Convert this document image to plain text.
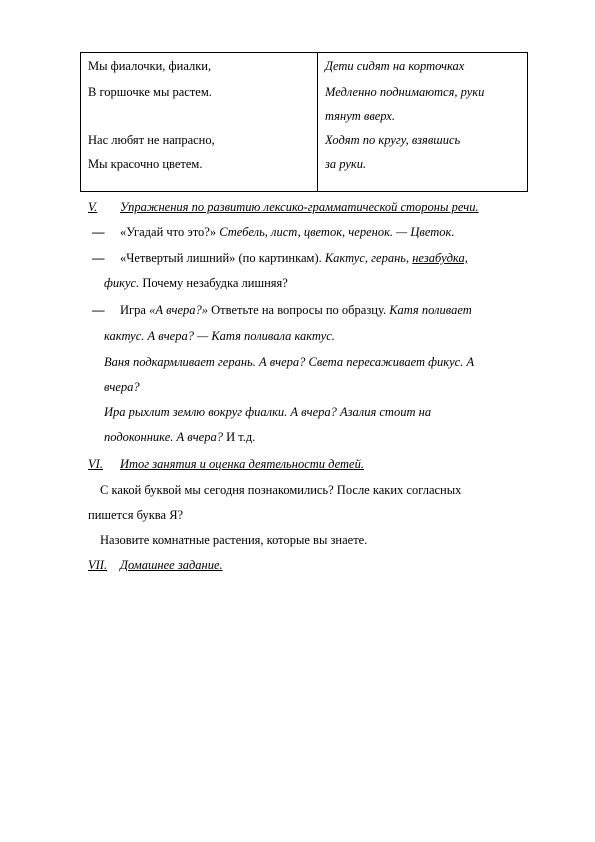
Мы фиалочки, фиалки,
В горшочке мы растем.
Нас любят не напрасно,
Мы красочно цветем.
Дети сидят на корточках
Медленно поднимаются, руки
тянут вверх.
Ходят по кругу, взявшись
за руки.
V. Упражнения по развитию лексико-грамматической стороны речи.
— «Угадай что это?» Стебель, лист, цветок, черенок. — Цветок.
— «Четвертый лишний» (по картинкам). Кактус, герань, незабудка,
фикус. Почему незабудка лишняя?
— Игра «А вчера?» Ответьте на вопросы по образцу. Катя поливает
кактус. А вчера? — Катя поливала кактус.
Ваня подкармливает герань. А вчера? Света пересаживает фикус. А
вчера?
Ира рыхлит землю вокруг фиалки. А вчера? Азалия стоит на
подоконнике. А вчера? И т.д.
VI. Итог занятия и оценка деятельности детей.
С какой буквой мы сегодня познакомились? После каких согласных
пишется буква Я?
Назовите комнатные растения, которые вы знаете.
VII. Домашнее задание.
